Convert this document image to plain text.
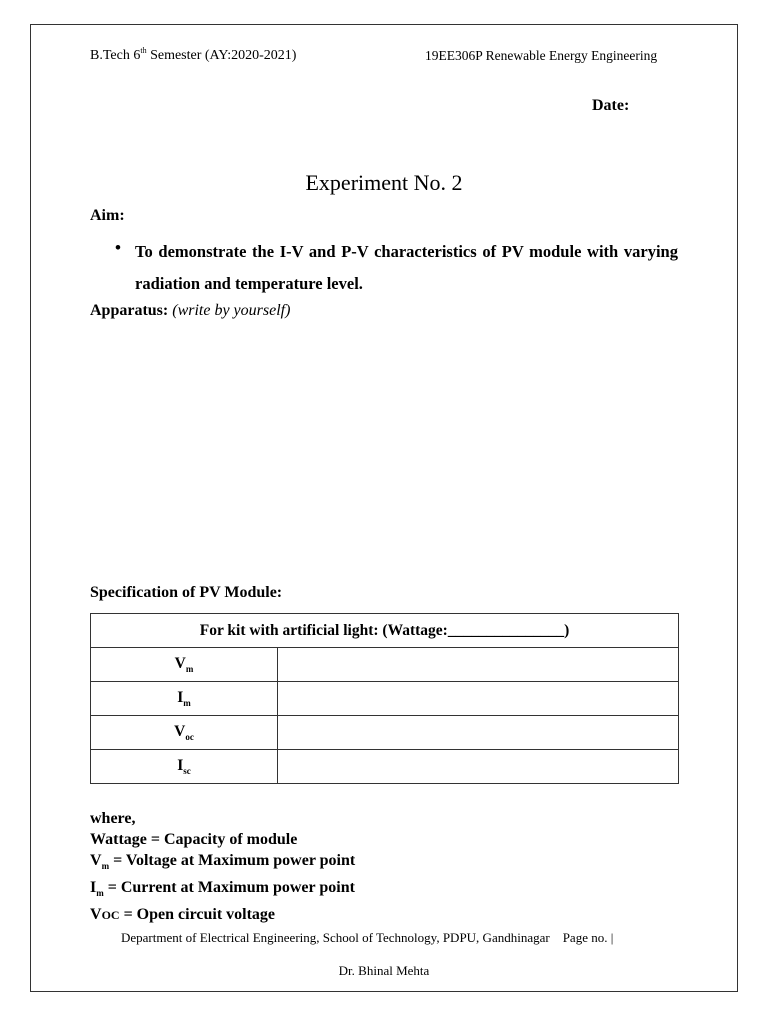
B.Tech 6th Semester (AY:2020-2021)	19EE306P Renewable Energy Engineering
Date:
Experiment No. 2
Aim:
• To demonstrate the I-V and P-V characteristics of PV module with varying radiation and temperature level.
Apparatus: (write by yourself)
Specification of PV Module:
For kit with artificial light: (Wattage:_______________)	
$V_m$	
$I_m$	
$V_{oc}$	
$I_{sc}$	
where,
Wattage = Capacity of module
$V_m$ = Voltage at Maximum power point
$I_m$ = Current at Maximum power point
VOC = Open circuit voltage
Department of Electrical Engineering, School of Technology, PDPU, Gandhinagar    Page no. |
Dr. Bhinal Mehta
